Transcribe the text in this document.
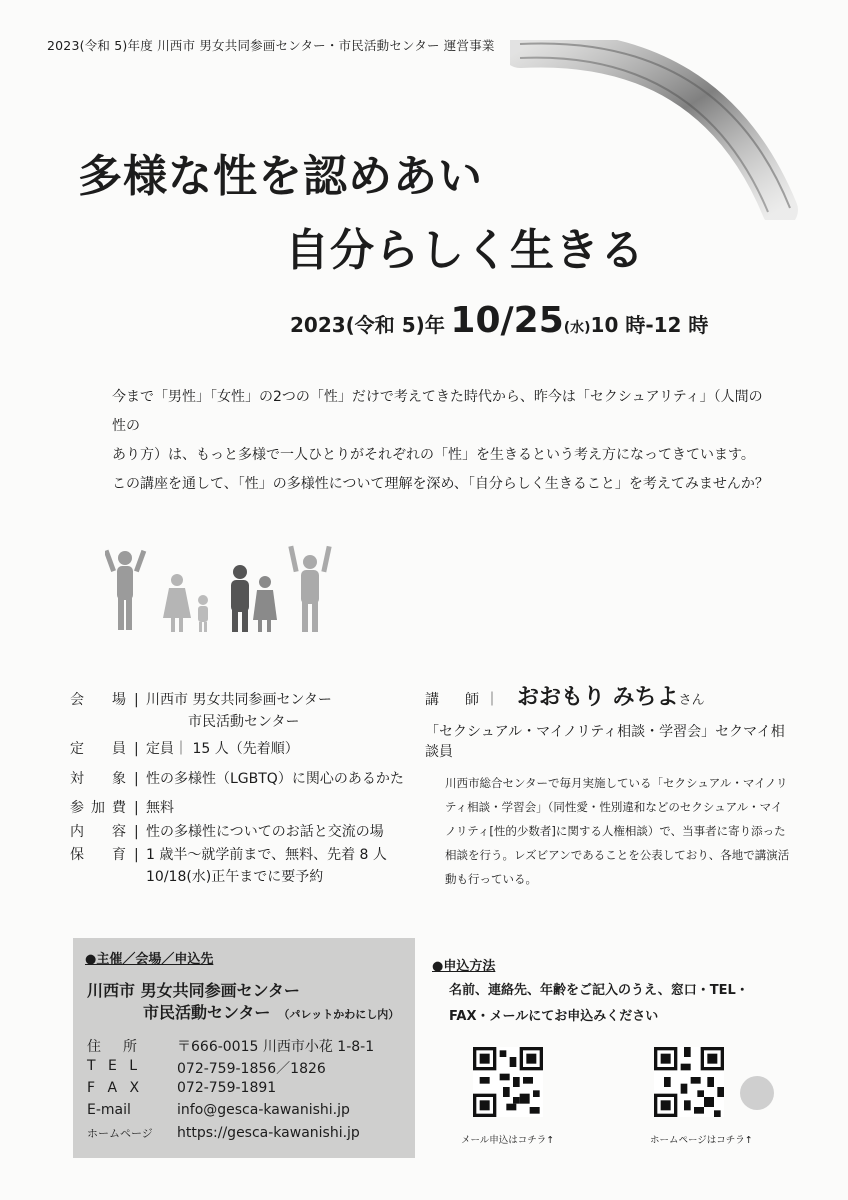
2023(令和 5)年度 川西市 男女共同参画センター・市民活動センター 運営事業
多様な性を認めあい
自分らしく生きる
2023(令和 5)年 10/25(水)10 時-12 時

今まで「男性」「女性」の2つの「性」だけで考えてきた時代から、昨今は「セクシュアリティ」（人間の性の

あり方）は、もっと多様で一人ひとりがそれぞれの「性」を生きるという考え方になってきています。

この講座を通して、「性」の多様性について理解を深め、「自分らしく生きること」を考えてみませんか？

会場 | 川西市 男女共同参画センター
　　　市民活動センター
定員 | 定員｜ 15 人（先着順）
対象 | 性の多様性（LGBTQ）に関心のあるかた
参加費 | 無料
内容 | 性の多様性についてのお話と交流の場
保育 | 1 歳半～就学前まで、無料、先着 8 人
10/18(水)正午までに要予約
講　師｜ おおもり みちよ さん
「セクシュアル・マイノリティ相談・学習会」セクマイ相談員
川西市総合センターで毎月実施している「セクシュアル・マイノリティ相談・学習会」（同性愛・性別違和などのセクシュアル・マイノリティ[性的少数者]に関する人権相談）で、当事者に寄り添った相談を行う。レズビアンであることを公表しており、各地で講演活動も行っている。
●主催／会場／申込先
川西市 男女共同参画センター
市民活動センター （パレットかわにし内）
住　所	〒666-0015 川西市小花 1-8-1
T E L	072-759-1856／1826
F A X	072-759-1891
E-mail	info@gesca-kawanishi.jp
ホームページ	https://gesca-kawanishi.jp
●申込方法
名前、連絡先、年齢をご記入のうえ、窓口・TEL・FAX・メールにてお申込みください
メール申込はコチラ↑	ホームページはコチラ↑
